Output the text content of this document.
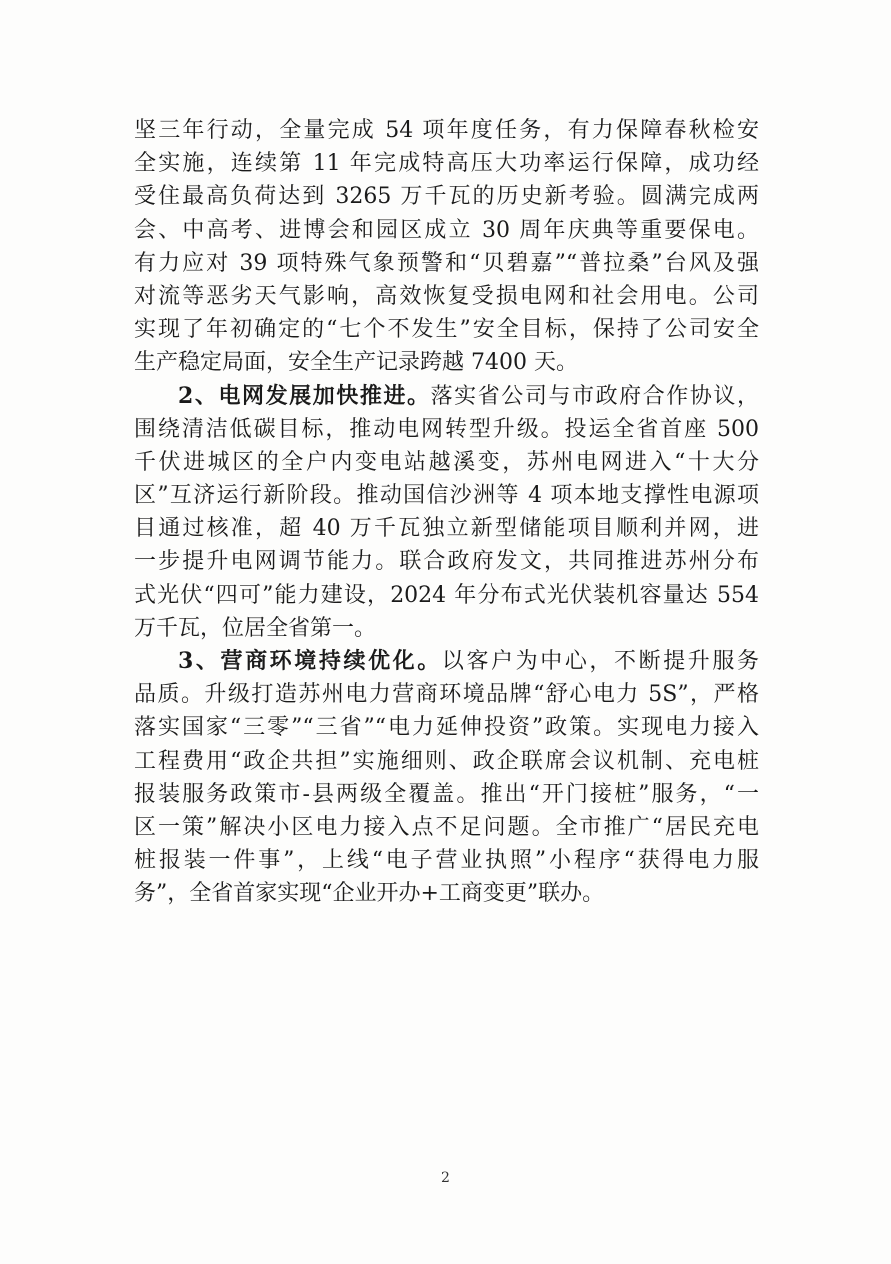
坚三年行动，全量完成 54 项年度任务，有力保障春秋检安
全实施，连续第 11 年完成特高压大功率运行保障，成功经
受住最高负荷达到 3265 万千瓦的历史新考验。圆满完成两
会、中高考、进博会和园区成立 30 周年庆典等重要保电。
有力应对 39 项特殊气象预警和“贝碧嘉”“普拉桑”台风及强
对流等恶劣天气影响，高效恢复受损电网和社会用电。公司
实现了年初确定的“七个不发生”安全目标，保持了公司安全
生产稳定局面，安全生产记录跨越 7400 天。
2、电网发展加快推进。落实省公司与市政府合作协议，
围绕清洁低碳目标，推动电网转型升级。投运全省首座 500
千伏进城区的全户内变电站越溪变，苏州电网进入“十大分
区”互济运行新阶段。推动国信沙洲等 4 项本地支撑性电源项
目通过核准，超 40 万千瓦独立新型储能项目顺利并网，进
一步提升电网调节能力。联合政府发文，共同推进苏州分布
式光伏“四可”能力建设，2024 年分布式光伏装机容量达 554
万千瓦，位居全省第一。
3、营商环境持续优化。以客户为中心，不断提升服务
品质。升级打造苏州电力营商环境品牌“舒心电力 5S”，严格
落实国家“三零”“三省”“电力延伸投资”政策。实现电力接入
工程费用“政企共担”实施细则、政企联席会议机制、充电桩
报装服务政策市-县两级全覆盖。推出“开门接桩”服务，“一
区一策”解决小区电力接入点不足问题。全市推广“居民充电
桩报装一件事”，上线“电子营业执照”小程序“获得电力服
务”，全省首家实现“企业开办+工商变更”联办。
2
